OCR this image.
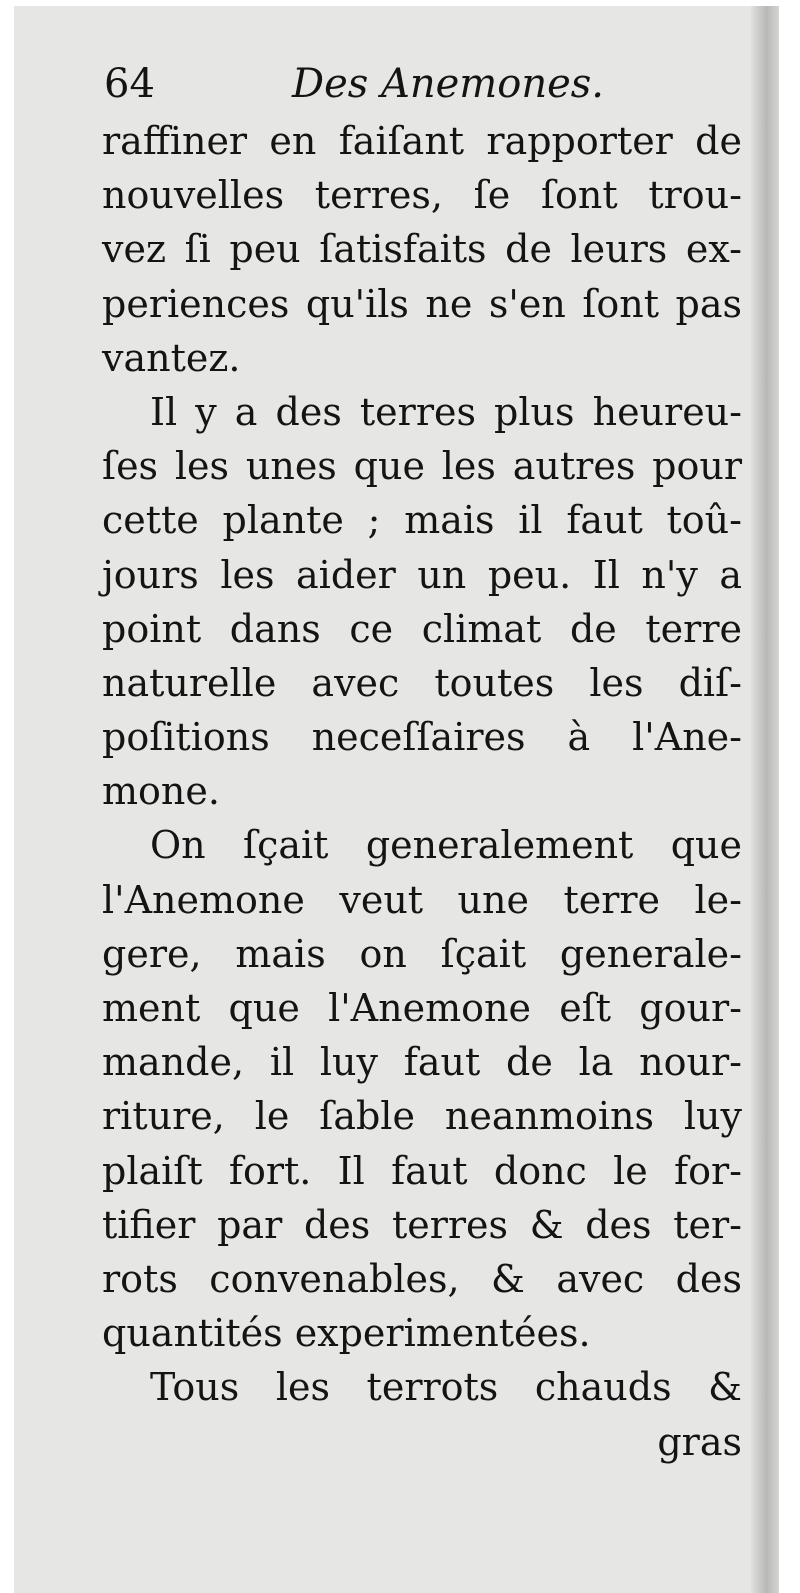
64	Des Anemones.
raffiner en faiſant rapporter de
nouvelles terres, ſe ſont trou-
vez ſi peu ſatisfaits de leurs ex-
periences qu'ils ne s'en ſont pas
vantez.
Il y a des terres plus heureu-
ſes les unes que les autres pour
cette plante ; mais il faut toû-
jours les aider un peu. Il n'y a
point dans ce climat de terre
naturelle avec toutes les diſ-
poſitions neceſſaires à l'Ane-
mone.
On ſçait generalement que
l'Anemone veut une terre le-
gere, mais on ſçait generale-
ment que l'Anemone eſt gour-
mande, il luy faut de la nour-
riture, le ſable neanmoins luy
plaiſt fort. Il faut donc le for-
tifier par des terres & des ter-
rots convenables, & avec des
quantités experimentées.
Tous les terrots chauds &
gras
